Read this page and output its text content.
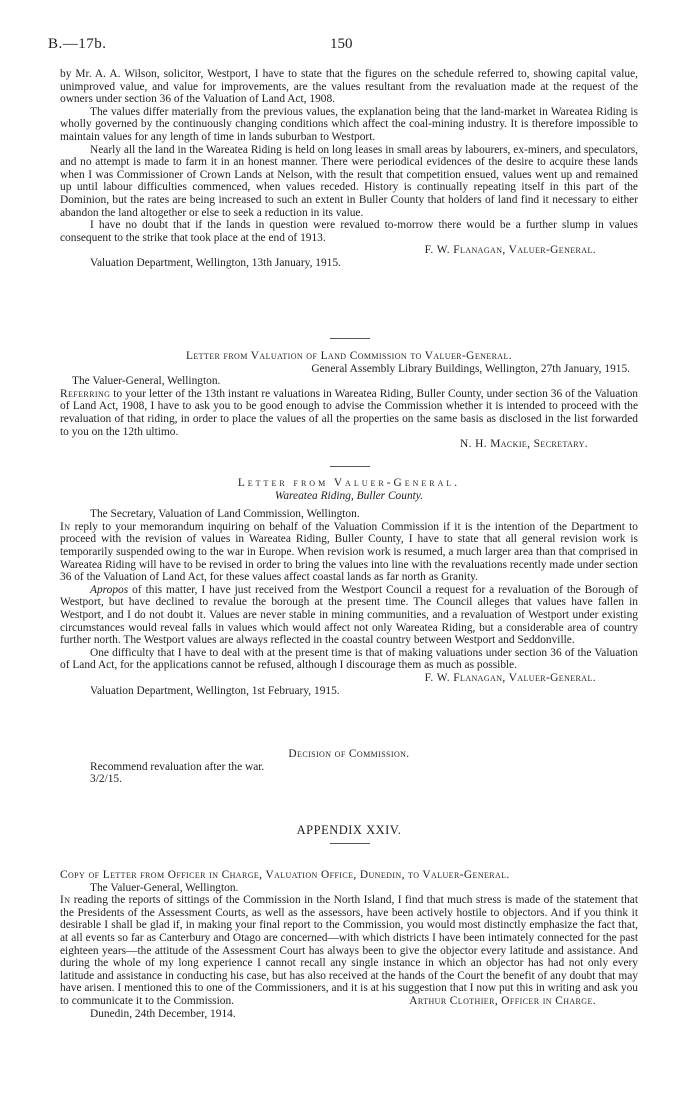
B.—17b.	150

by Mr. A. A. Wilson, solicitor, Westport, I have to state that the figures on the schedule referred to, showing capital value, unimproved value, and value for improvements, are the values resultant from the revaluation made at the request of the owners under section 36 of the Valuation of Land Act, 1908.

The values differ materially from the previous values, the explanation being that the land-market in Wareatea Riding is wholly governed by the continuously changing conditions which affect the coal-mining industry. It is therefore impossible to maintain values for any length of time in lands suburban to Westport.

Nearly all the land in the Wareatea Riding is held on long leases in small areas by labourers, ex-miners, and speculators, and no attempt is made to farm it in an honest manner. There were periodical evidences of the desire to acquire these lands when I was Commissioner of Crown Lands at Nelson, with the result that competition ensued, values went up and remained up until labour difficulties commenced, when values receded. History is continually repeating itself in this part of the Dominion, but the rates are being increased to such an extent in Buller County that holders of land find it necessary to either abandon the land altogether or else to seek a reduction in its value.

I have no doubt that if the lands in question were revalued to-morrow there would be a further slump in values consequent to the strike that took place at the end of 1913.

F. W. Flanagan, Valuer-General.

Valuation Department, Wellington, 13th January, 1915.

Letter from Valuation of Land Commission to Valuer-General.

General Assembly Library Buildings, Wellington, 27th January, 1915.

The Valuer-General, Wellington.

Referring to your letter of the 13th instant re valuations in Wareatea Riding, Buller County, under section 36 of the Valuation of Land Act, 1908, I have to ask you to be good enough to advise the Commission whether it is intended to proceed with the revaluation of that riding, in order to place the values of all the properties on the same basis as disclosed in the list forwarded to you on the 12th ultimo.

N. H. Mackie, Secretary.

Letter from Valuer-General.

Wareatea Riding, Buller County.

The Secretary, Valuation of Land Commission, Wellington.

In reply to your memorandum inquiring on behalf of the Valuation Commission if it is the intention of the Department to proceed with the revision of values in Wareatea Riding, Buller County, I have to state that all general revision work is temporarily suspended owing to the war in Europe. When revision work is resumed, a much larger area than that comprised in Wareatea Riding will have to be revised in order to bring the values into line with the revaluations recently made under section 36 of the Valuation of Land Act, for these values affect coastal lands as far north as Granity.

Apropos of this matter, I have just received from the Westport Council a request for a revaluation of the Borough of Westport, but have declined to revalue the borough at the present time. The Council alleges that values have fallen in Westport, and I do not doubt it. Values are never stable in mining communities, and a revaluation of Westport under existing circumstances would reveal falls in values which would affect not only Wareatea Riding, but a considerable area of country further north. The Westport values are always reflected in the coastal country between Westport and Seddonville.

One difficulty that I have to deal with at the present time is that of making valuations under section 36 of the Valuation of Land Act, for the applications cannot be refused, although I discourage them as much as possible.

F. W. Flanagan, Valuer-General.

Valuation Department, Wellington, 1st February, 1915.

Decision of Commission.

Recommend revaluation after the war.

3/2/15.

APPENDIX XXIV.

Copy of Letter from Officer in Charge, Valuation Office, Dunedin, to Valuer-General.

The Valuer-General, Wellington.

In reading the reports of sittings of the Commission in the North Island, I find that much stress is made of the statement that the Presidents of the Assessment Courts, as well as the assessors, have been actively hostile to objectors. And if you think it desirable I shall be glad if, in making your final report to the Commission, you would most distinctly emphasize the fact that, at all events so far as Canterbury and Otago are concerned—with which districts I have been intimately connected for the past eighteen years—the attitude of the Assessment Court has always been to give the objector every latitude and assistance. And during the whole of my long experience I cannot recall any single instance in which an objector has had not only every latitude and assistance in conducting his case, but has also received at the hands of the Court the benefit of any doubt that may have arisen. I mentioned this to one of the Commissioners, and it is at his suggestion that I now put this in writing and ask you to communicate it to the Commission.	Arthur Clothier, Officer in Charge.

Dunedin, 24th December, 1914.
